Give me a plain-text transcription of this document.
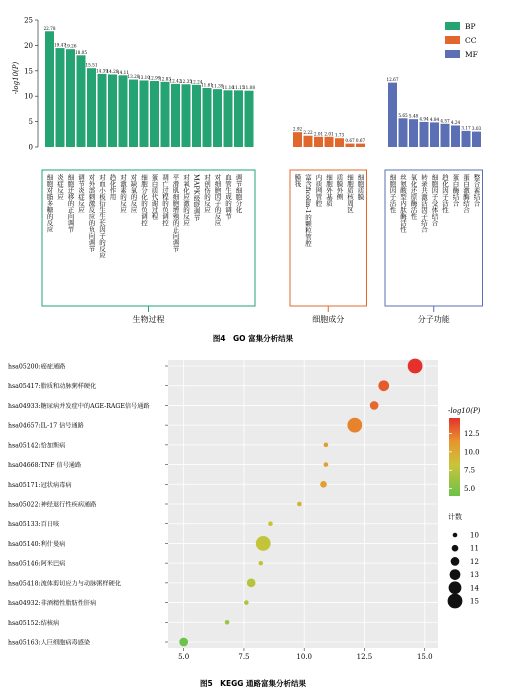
0
5
10
15
20
25
-log10(P)
22.78
19.47
19.26
18.05
15.51
14.39
14.28
14.11
13.28
13.10
12.99
12.83
12.42
12.35
12.24
11.61
11.39
11.16
11.15
11.08
2.92
2.22 2.01 2.01 1.73
0.67 0.67
12.67
5.65 5.48
4.94 4.84 4.57 4.24
3.17 3.03
细胞对脂多糖的反应 炎症反应 细胞迁移的正向调节 调节炎症反应 对外部刺激反应的负向调节 对血小板衍生生长因子的反应 趋化作用 对激素的反应 对缺氧的反应 细胞分化的负调控 蛋白质代谢过程 凋亡过程的负调控 平滑肌细胞增殖的正向调节 对氧化应激的反应 MAPK级联调节 对创伤的反应 对细胞因子的反应 血管生成的调节 调节细胞分化	膜筏 富含ficolin-1的颗粒管腔 内质网管腔 细胞外基质 质膜外侧 细胞质核周区 细胞质膜	细胞因子活性 丝氨酸型内肽酶活性 氧化还原酶活性 转录共激活因子结合 细胞因子受体结合 趋化因子活性 蛋白酶结合 蛋白激酶结合 整合素结合
生物过程	细胞成分	分子功能
BP
CC
MF
图4　GO 富集分析结果
hsa05200:癌症通路
hsa05417:脂质和动脉粥样硬化
hsa04933:糖尿病并发症中的AGE-RAGE信号通路
hsa04657:IL-17 信号通路
hsa05142:恰加斯病
hsa04668:TNF 信号通路
hsa05171:冠状病毒病
hsa05022:神经退行性疾病通路
hsa05133:百日咳
hsa05140:利什曼病
hsa05146:阿米巴病
hsa05418:流体剪切应力与动脉粥样硬化
hsa04932:非酒精性脂肪性肝病
hsa05152:结核病
hsa05163:人巨细胞病毒感染
5.0	7.5	10.0	12.5	15.0
-log10(P)
5.0
7.5
10.0
12.5
计数
10
11
12
13
14
15
图5　KEGG 通路富集分析结果
